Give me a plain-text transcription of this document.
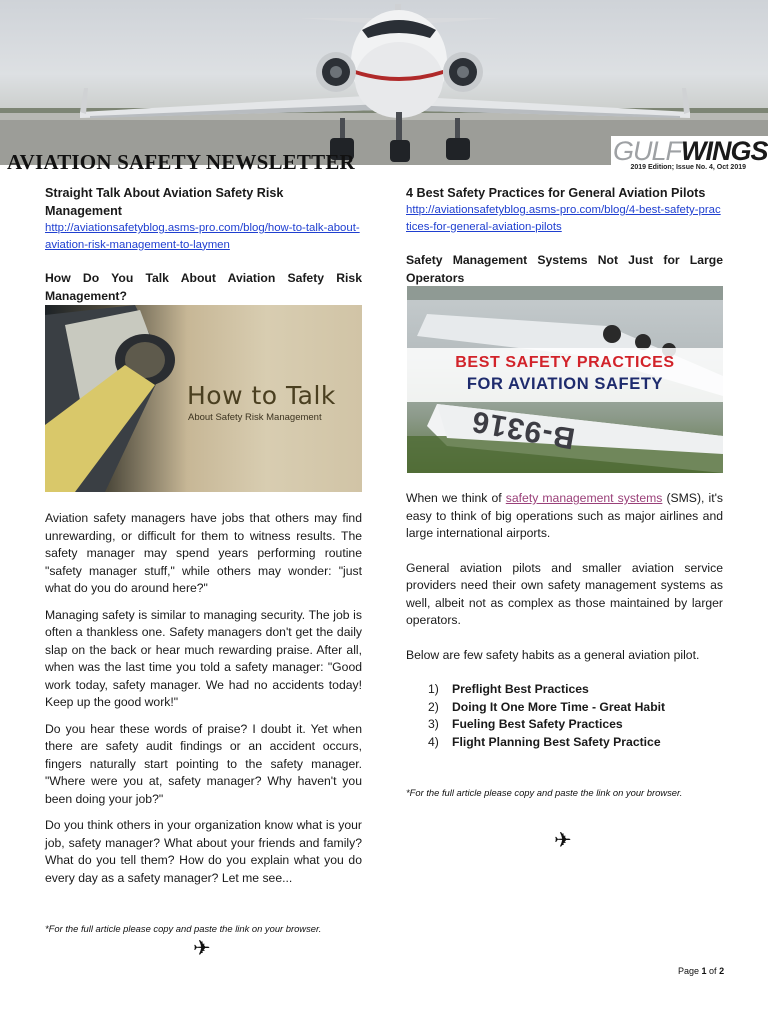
GULFWINGS
AVIATION SAFETY NEWSLETTER	2019 Edition; Issue No. 4, Oct 2019
Straight Talk About Aviation Safety Risk Management
http://aviationsafetyblog.asms-pro.com/blog/how-to-talk-about-aviation-risk-management-to-laymen
How Do You Talk About Aviation Safety Risk Management?
How to Talk
About Safety Risk Management

Aviation safety managers have jobs that others may find unrewarding, or difficult for them to witness results. The safety manager may spend years performing routine "safety manager stuff," while others may wonder: "just what do you do around here?"

Managing safety is similar to managing security. The job is often a thankless one. Safety managers don't get the daily slap on the back or hear much rewarding praise. After all, when was the last time you told a safety manager: "Good work today, safety manager. We had no accidents today! Keep up the good work!"

Do you hear these words of praise? I doubt it. Yet when there are safety audit findings or an accident occurs, fingers naturally start pointing to the safety manager. "Where were you at, safety manager? Why haven't you been doing your job?"

Do you think others in your organization know what is your job, safety manager? What about your friends and family? What do you tell them? How do you explain what you do every day as a safety manager? Let me see...

*For the full article please copy and paste the link on your browser.
✈
4 Best Safety Practices for General Aviation Pilots
http://aviationsafetyblog.asms-pro.com/blog/4-best-safety-practices-for-general-aviation-pilots
Safety Management Systems Not Just for Large Operators
B-9316
BEST SAFETY PRACTICES
FOR AVIATION SAFETY

When we think of safety management systems (SMS), it's easy to think of big operations such as major airlines and large international airports.

General aviation pilots and smaller aviation service providers need their own safety management systems as well, albeit not as complex as those maintained by larger operators.

Below are few safety habits as a general aviation pilot.

1) Preflight Best Practices
2) Doing It One More Time - Great Habit
3) Fueling Best Safety Practices
4) Flight Planning Best Safety Practice
*For the full article please copy and paste the link on your browser.
✈
Page 1 of 2
